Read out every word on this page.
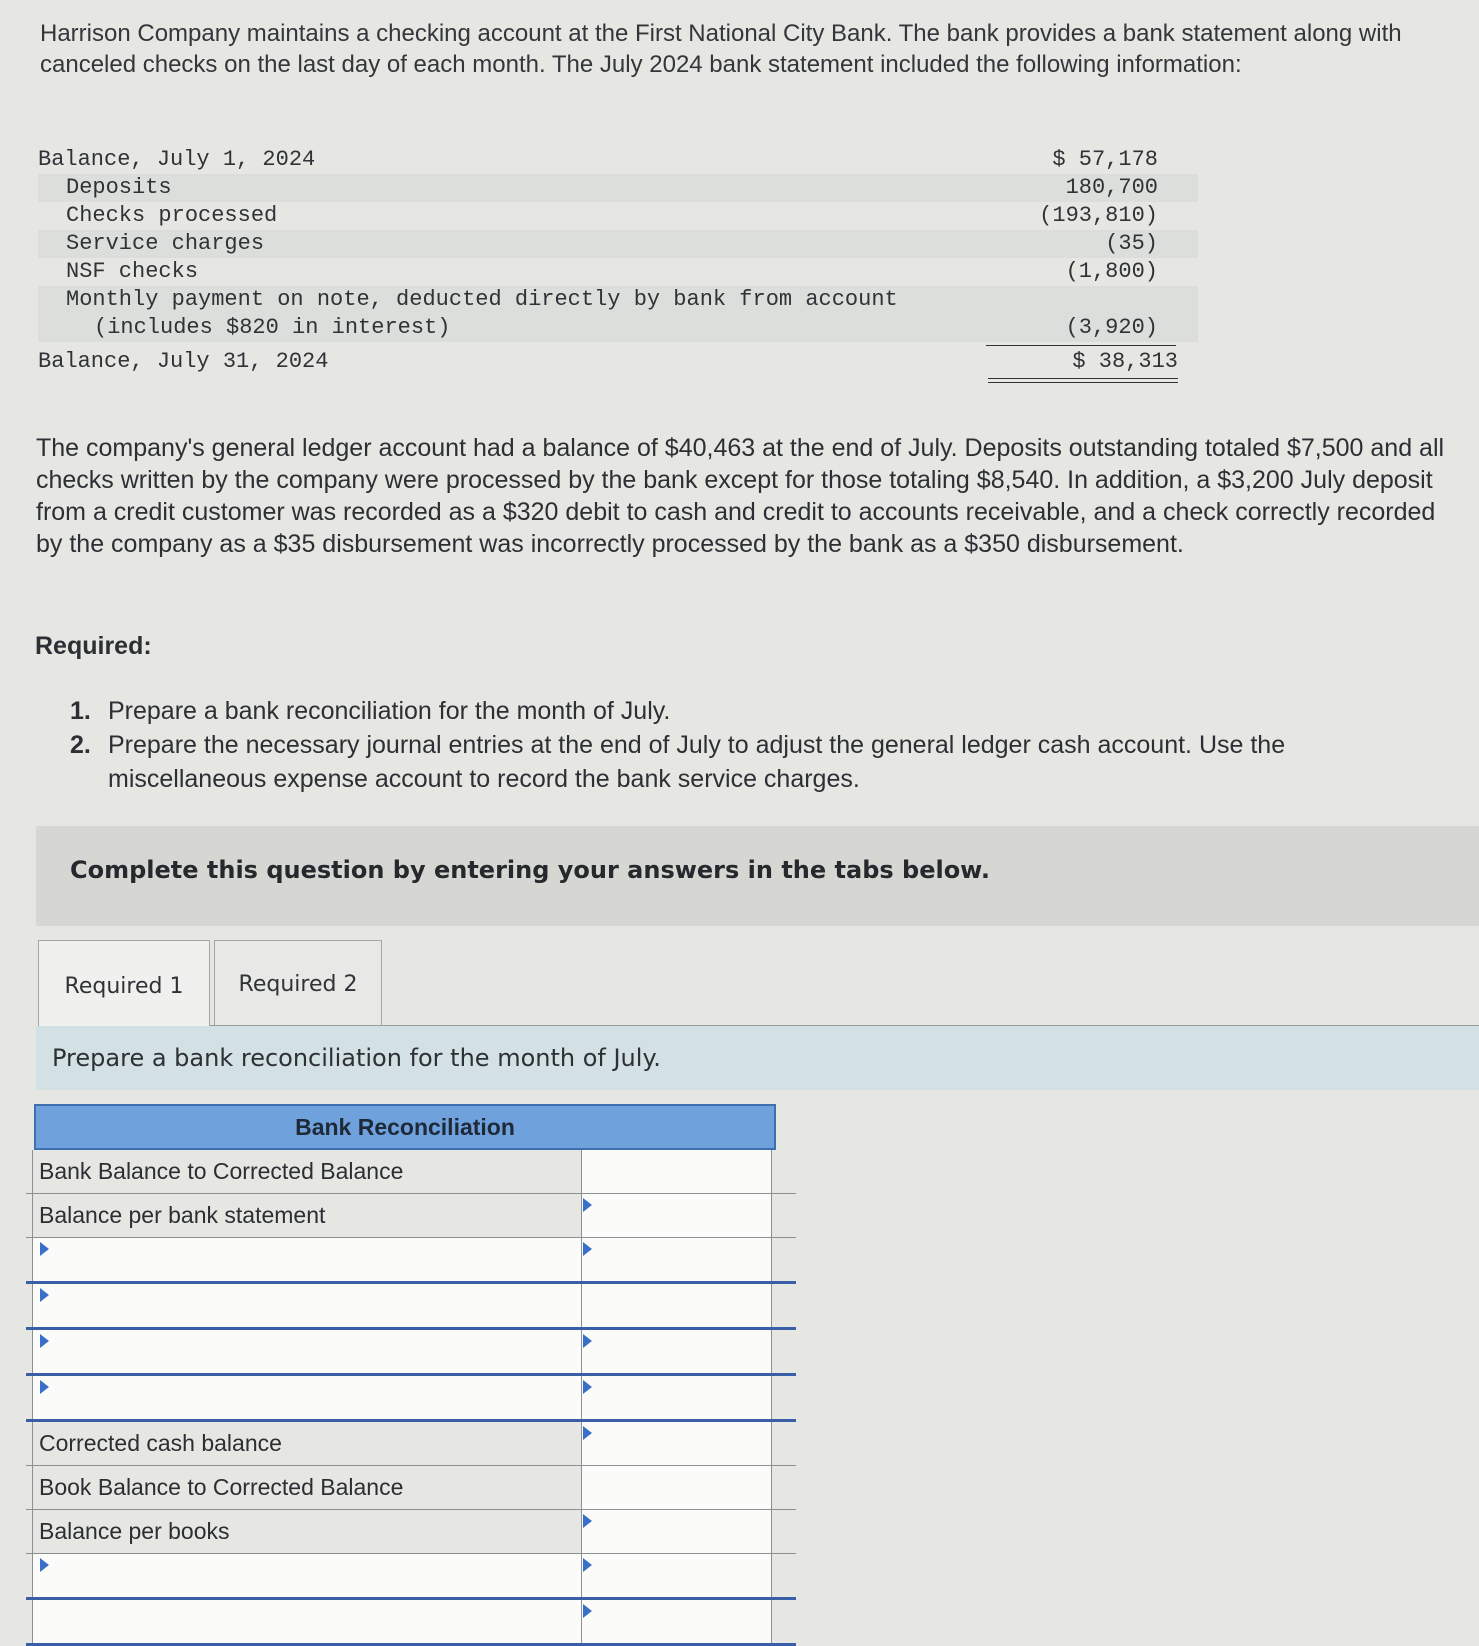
Harrison Company maintains a checking account at the First National City Bank. The bank provides a bank statement along with canceled checks on the last day of each month. The July 2024 bank statement included the following information:
Balance, July 1, 2024	$ 57,178
Deposits	180,700
Checks processed	(193,810)
Service charges	(35)
NSF checks	(1,800)
Monthly payment on note, deducted directly by bank from account
(includes $820 in interest)	(3,920)
Balance, July 31, 2024	$ 38,313
The company's general ledger account had a balance of $40,463 at the end of July. Deposits outstanding totaled $7,500 and all checks written by the company were processed by the bank except for those totaling $8,540. In addition, a $3,200 July deposit from a credit customer was recorded as a $320 debit to cash and credit to accounts receivable, and a check correctly recorded by the company as a $35 disbursement was incorrectly processed by the bank as a $350 disbursement.
Required:
1. Prepare a bank reconciliation for the month of July.
2. Prepare the necessary journal entries at the end of July to adjust the general ledger cash account. Use the miscellaneous expense account to record the bank service charges.
Complete this question by entering your answers in the tabs below.
Required 1	Required 2
Prepare a bank reconciliation for the month of July.
Bank Reconciliation
Bank Balance to Corrected Balance
Balance per bank statement
Corrected cash balance
Book Balance to Corrected Balance
Balance per books
